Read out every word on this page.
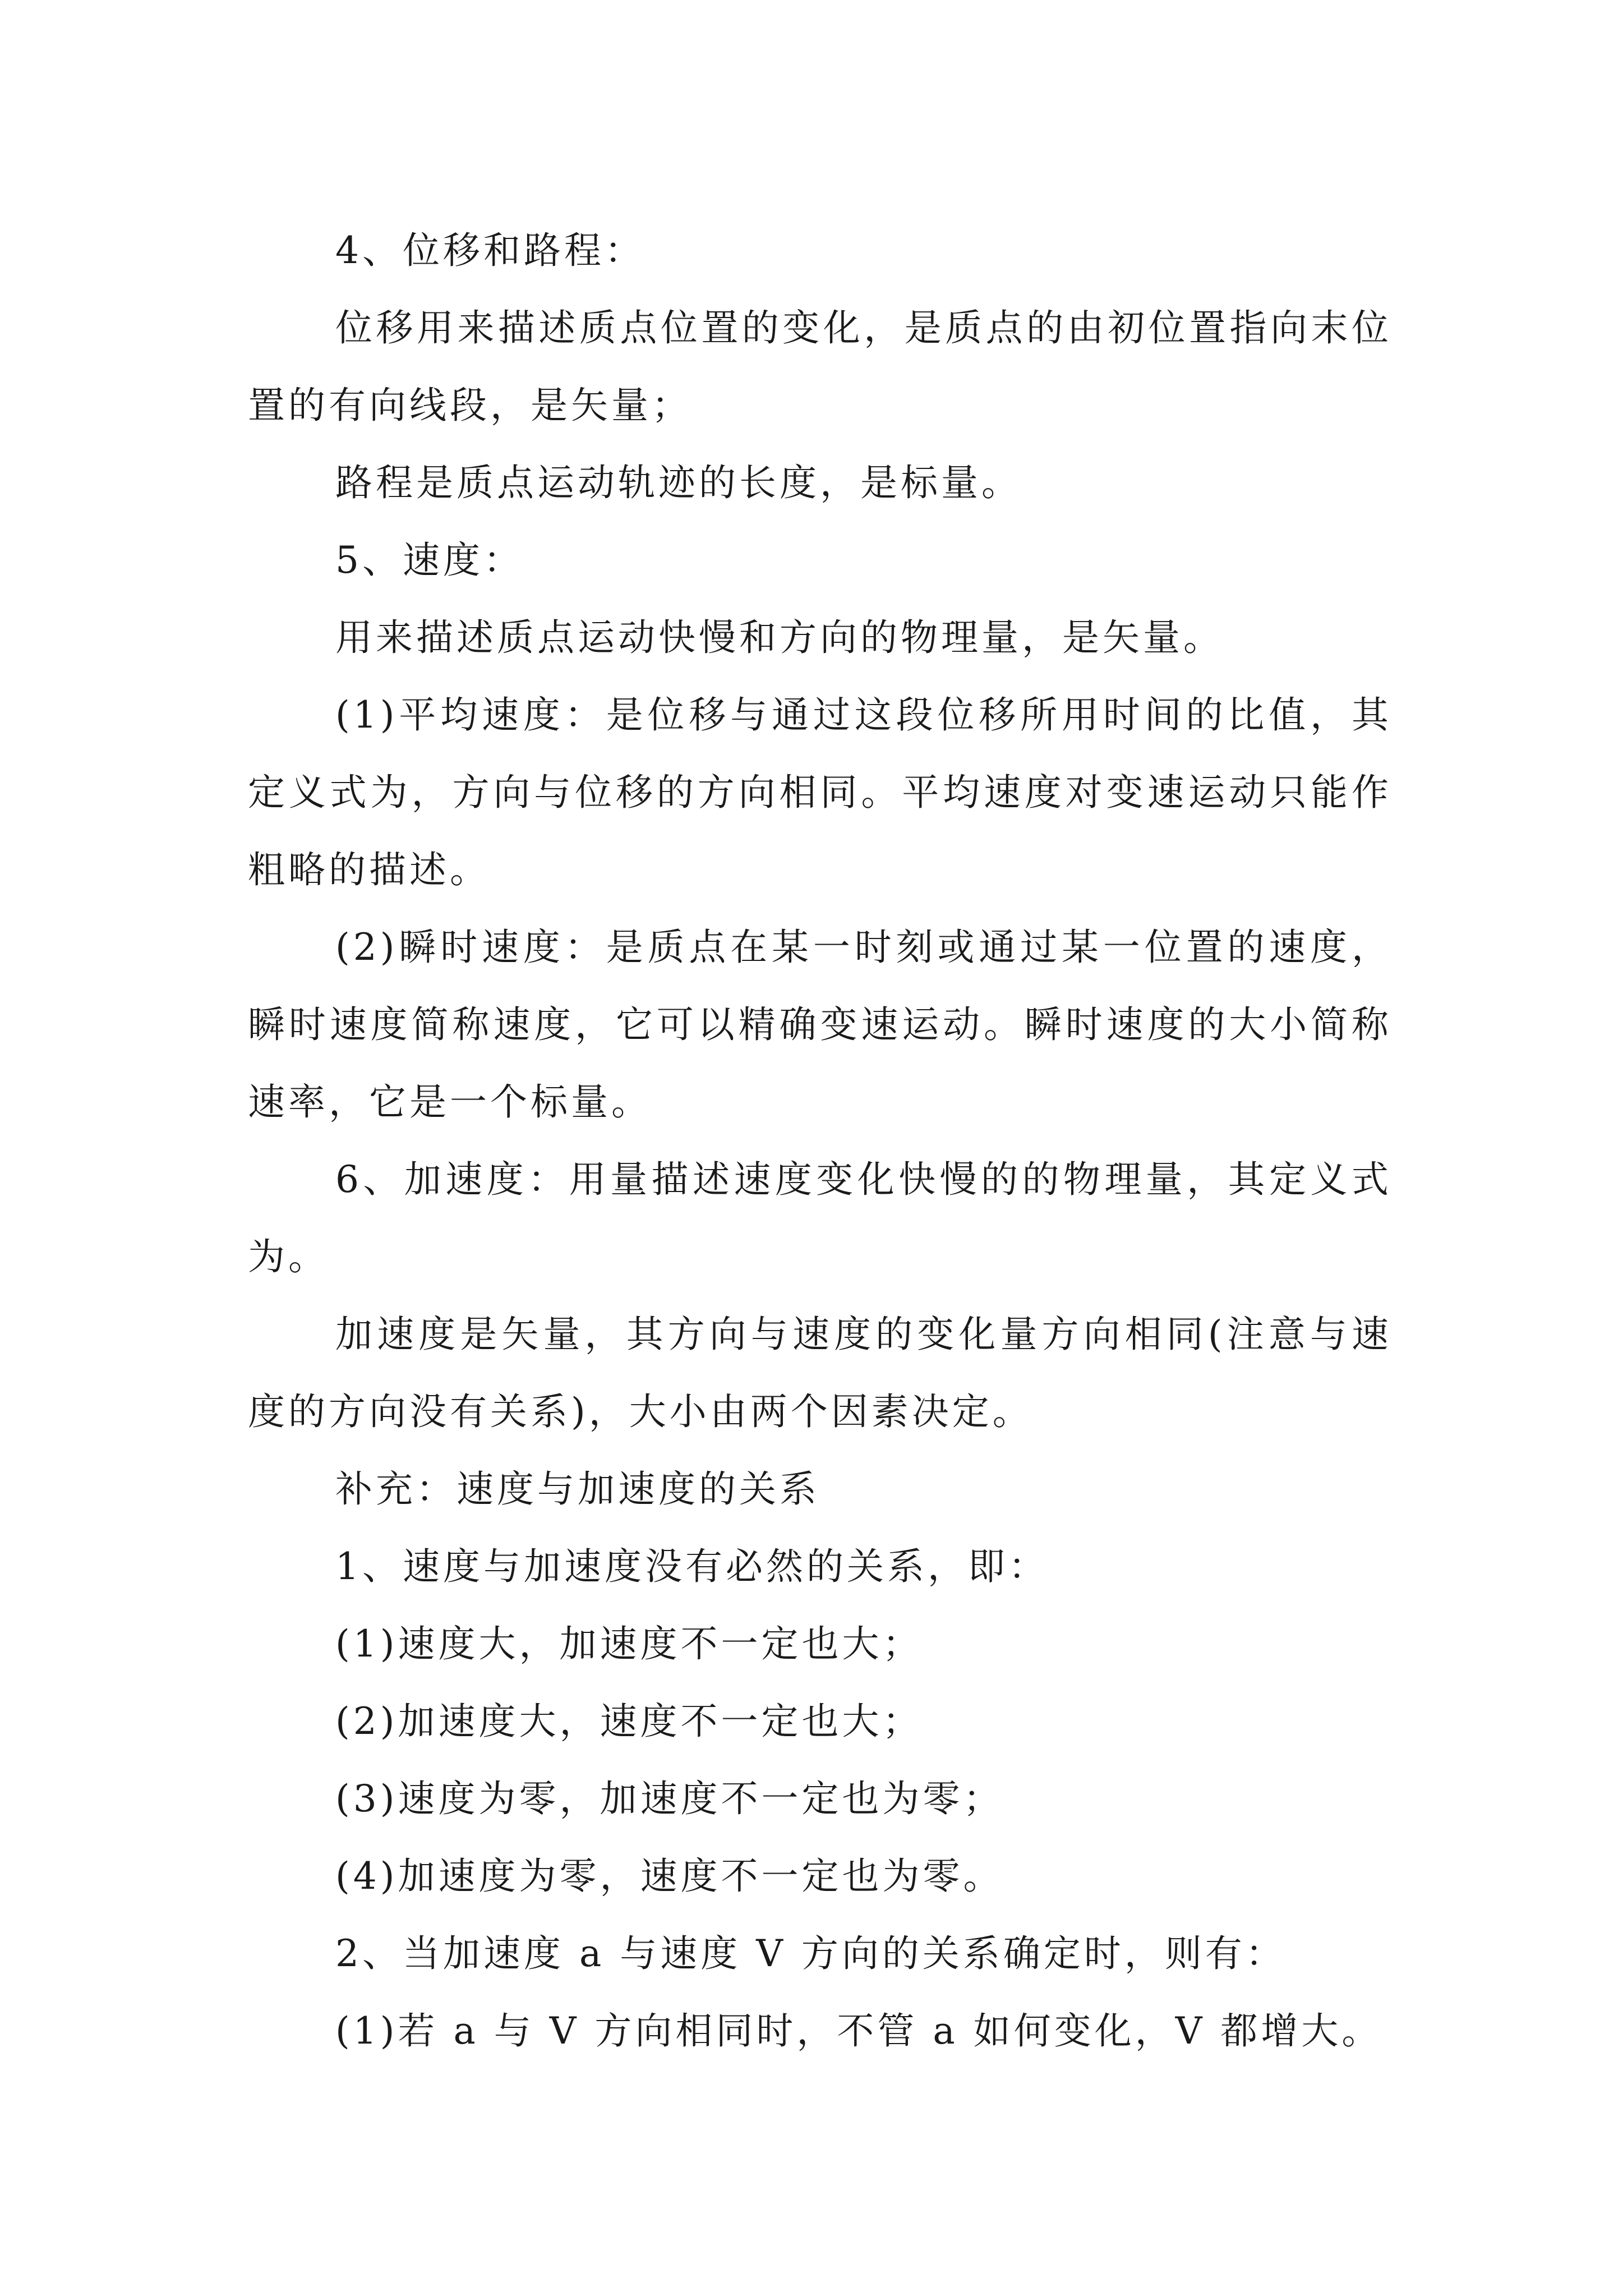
4、位移和路程：

位移用来描述质点位置的变化，是质点的由初位置指向末位置的有向线段，是矢量；

路程是质点运动轨迹的长度，是标量。

5、速度：

用来描述质点运动快慢和方向的物理量，是矢量。

(1)平均速度：是位移与通过这段位移所用时间的比值，其定义式为，方向与位移的方向相同。平均速度对变速运动只能作粗略的描述。

(2)瞬时速度：是质点在某一时刻或通过某一位置的速度，瞬时速度简称速度，它可以精确变速运动。瞬时速度的大小简称速率，它是一个标量。

6、加速度：用量描述速度变化快慢的的物理量，其定义式为。

加速度是矢量，其方向与速度的变化量方向相同(注意与速度的方向没有关系)，大小由两个因素决定。

补充：速度与加速度的关系

1、速度与加速度没有必然的关系，即：

(1)速度大，加速度不一定也大；

(2)加速度大，速度不一定也大；

(3)速度为零，加速度不一定也为零；

(4)加速度为零，速度不一定也为零。

2、当加速度 a 与速度 V 方向的关系确定时，则有：

(1)若 a 与 V 方向相同时，不管 a 如何变化，V 都增大。
